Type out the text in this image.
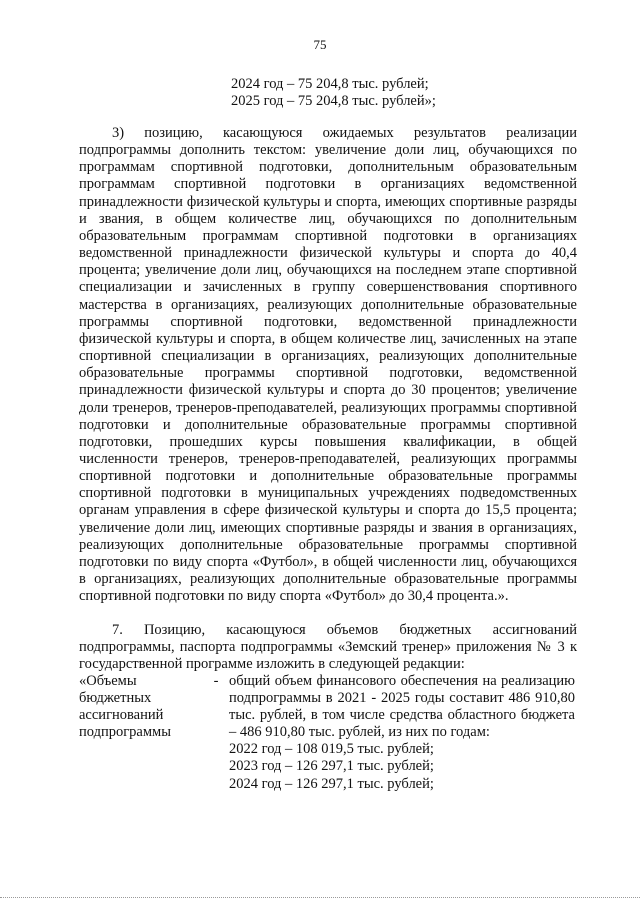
75
2024 год – 75 204,8 тыс. рублей;
2025 год – 75 204,8 тыс. рублей»;
3) позицию, касающуюся ожидаемых результатов реализации подпрограммы дополнить текстом: увеличение доли лиц, обучающихся по программам спортивной подготовки, дополнительным образовательным программам спортивной подготовки в организациях ведомственной принадлежности физической культуры и спорта, имеющих спортивные разряды и звания, в общем количестве лиц, обучающихся по дополнительным образовательным программам спортивной подготовки в организациях ведомственной принадлежности физической культуры и спорта до 40,4 процента; увеличение доли лиц, обучающихся на последнем этапе спортивной специализации и зачисленных в группу совершенствования спортивного мастерства в организациях, реализующих дополнительные образовательные программы спортивной подготовки, ведомственной принадлежности физической культуры и спорта, в общем количестве лиц, зачисленных на этапе спортивной специализации в организациях, реализующих дополнительные образовательные программы спортивной подготовки, ведомственной принадлежности физической культуры и спорта до 30 процентов; увеличение доли тренеров, тренеров-преподавателей, реализующих программы спортивной подготовки и дополнительные образовательные программы спортивной подготовки, прошедших курсы повышения квалификации, в общей численности тренеров, тренеров-преподавателей, реализующих программы спортивной подготовки и дополнительные образовательные программы спортивной подготовки в муниципальных учреждениях подведомственных органам управления в сфере физической культуры и спорта до 15,5 процента; увеличение доли лиц, имеющих спортивные разряды и звания в организациях, реализующих дополнительные образовательные программы спортивной подготовки по виду спорта «Футбол», в общей численности лиц, обучающихся в организациях, реализующих дополнительные образовательные программы спортивной подготовки по виду спорта «Футбол» до 30,4 процента.».
7. Позицию, касающуюся объемов бюджетных ассигнований подпрограммы, паспорта подпрограммы «Земский тренер» приложения № 3 к государственной программе изложить в следующей редакции:
«Объемы
бюджетных
ассигнований
подпрограммы
- общий объем финансового обеспечения на реализацию подпрограммы в 2021 - 2025 годы составит 486 910,80 тыс. рублей, в том числе средства областного бюджета – 486 910,80 тыс. рублей, из них по годам:
2022 год – 108 019,5 тыс. рублей;
2023 год – 126 297,1 тыс. рублей;
2024 год – 126 297,1 тыс. рублей;
